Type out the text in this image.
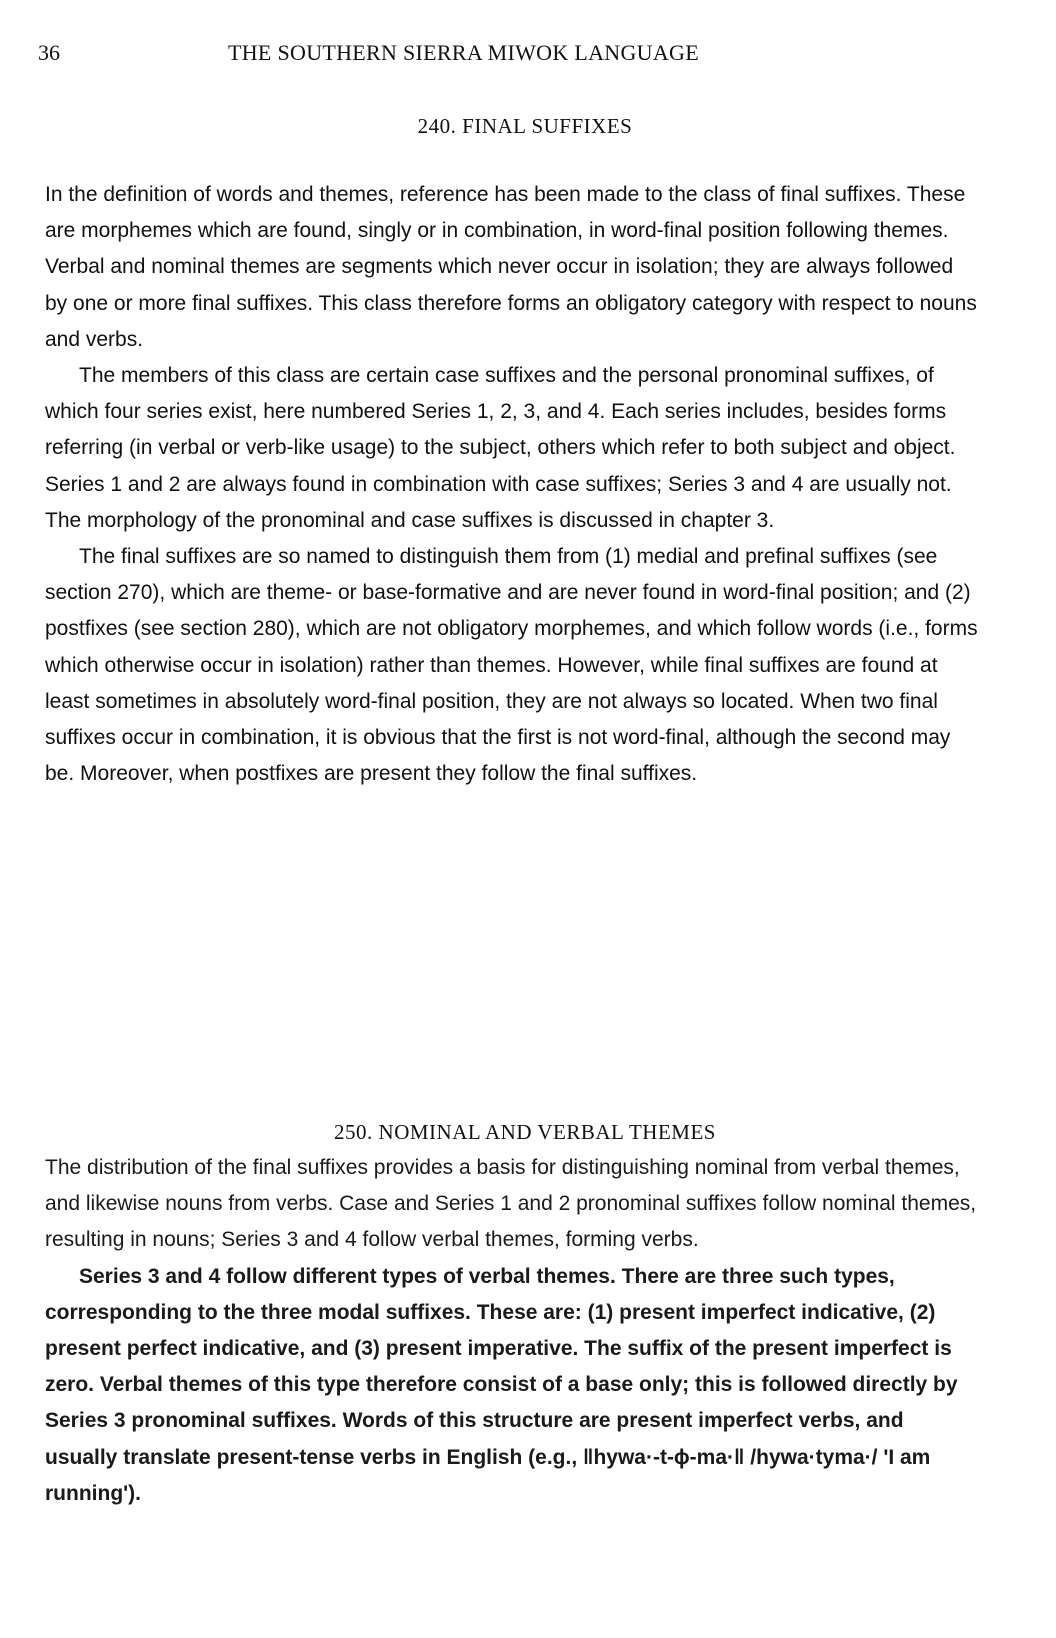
36	THE SOUTHERN SIERRA MIWOK LANGUAGE
240. FINAL SUFFIXES

In the definition of words and themes, reference has been made to the class of final suffixes. These are morphemes which are found, singly or in combination, in word-final position following themes. Verbal and nominal themes are segments which never occur in isolation; they are always followed by one or more final suffixes. This class therefore forms an obligatory category with respect to nouns and verbs.

The members of this class are certain case suffixes and the personal pronominal suffixes, of which four series exist, here numbered Series 1, 2, 3, and 4. Each series includes, besides forms referring (in verbal or verb-like usage) to the subject, others which refer to both subject and object. Series 1 and 2 are always found in combination with case suffixes; Series 3 and 4 are usually not. The morphology of the pronominal and case suffixes is discussed in chapter 3.

The final suffixes are so named to distinguish them from (1) medial and prefinal suffixes (see section 270), which are theme- or base-formative and are never found in word-final position; and (2) postfixes (see section 280), which are not obligatory morphemes, and which follow words (i.e., forms which otherwise occur in isolation) rather than themes. However, while final suffixes are found at least sometimes in absolutely word-final position, they are not always so located. When two final suffixes occur in combination, it is obvious that the first is not word-final, although the second may be. Moreover, when postfixes are present they follow the final suffixes.

250. NOMINAL AND VERBAL THEMES

The distribution of the final suffixes provides a basis for distinguishing nominal from verbal themes, and likewise nouns from verbs. Case and Series 1 and 2 pronominal suffixes follow nominal themes, resulting in nouns; Series 3 and 4 follow verbal themes, forming verbs.

Series 3 and 4 follow different types of verbal themes. There are three such types, corresponding to the three modal suffixes. These are: (1) present imperfect indicative, (2) present perfect indicative, and (3) present imperative. The suffix of the present imperfect is zero. Verbal themes of this type therefore consist of a base only; this is followed directly by Series 3 pronominal suffixes. Words of this structure are present imperfect verbs, and usually translate present-tense verbs in English (e.g., ‖hywa·-t-ɸ-ma·‖ /hywa·tyma·/ 'I am running').
